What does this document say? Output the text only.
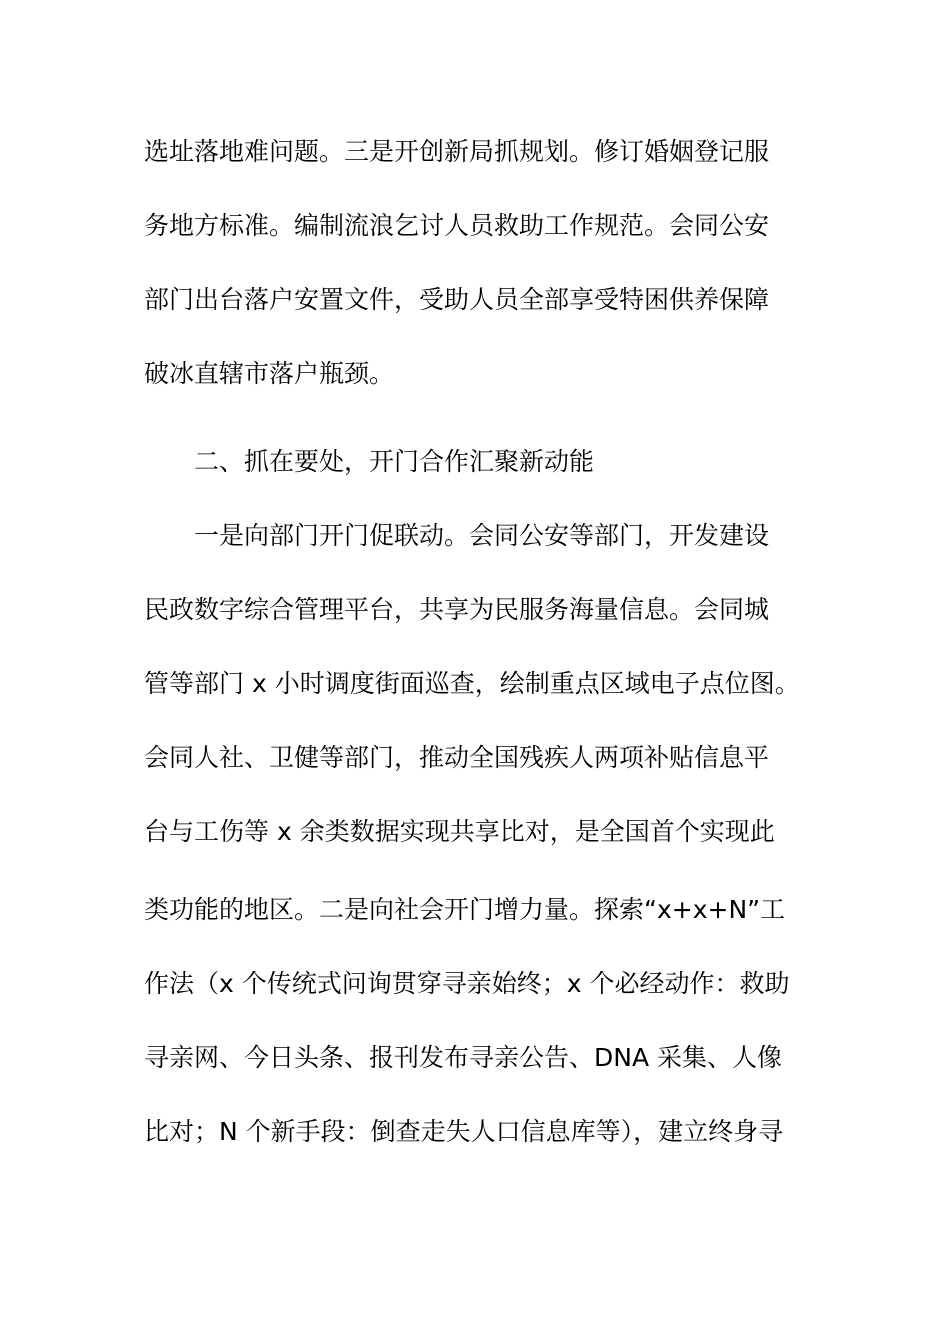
选址落地难问题。三是开创新局抓规划。修订婚姻登记服
务地方标准。编制流浪乞讨人员救助工作规范。会同公安
部门出台落户安置文件，受助人员全部享受特困供养保障
破冰直辖市落户瓶颈。
二、抓在要处，开门合作汇聚新动能
一是向部门开门促联动。会同公安等部门，开发建设
民政数字综合管理平台，共享为民服务海量信息。会同城
管等部门 x 小时调度街面巡查，绘制重点区域电子点位图。
会同人社、卫健等部门，推动全国残疾人两项补贴信息平
台与工伤等 x 余类数据实现共享比对，是全国首个实现此
类功能的地区。二是向社会开门增力量。探索“x+x+N”工
作法（x 个传统式问询贯穿寻亲始终；x 个必经动作：救助
寻亲网、今日头条、报刊发布寻亲公告、DNA 采集、人像
比对；N 个新手段：倒查走失人口信息库等），建立终身寻
